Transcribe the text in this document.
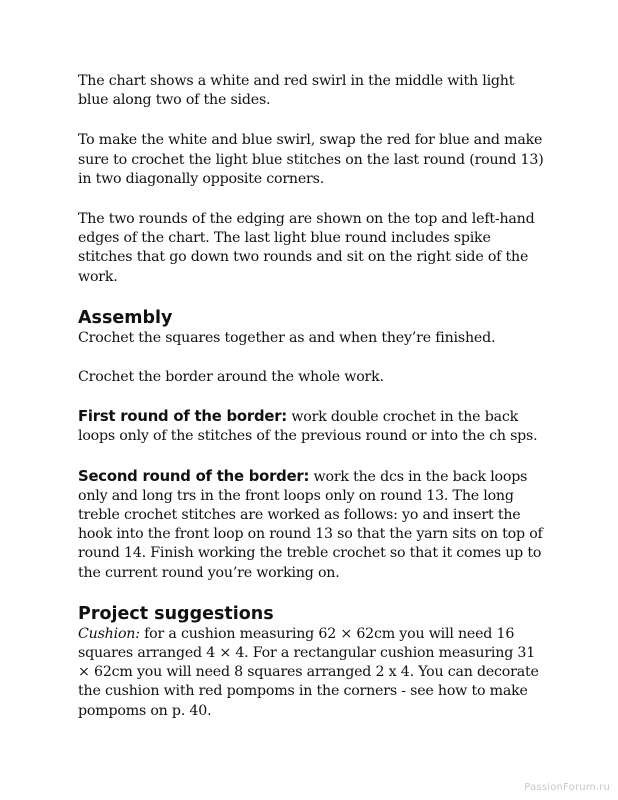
The chart shows a white and red swirl in the middle with light blue along two of the sides.

To make the white and blue swirl, swap the red for blue and make sure to crochet the light blue stitches on the last round (round 13) in two diagonally opposite corners.

The two rounds of the edging are shown on the top and left-hand edges of the chart. The last light blue round includes spike stitches that go down two rounds and sit on the right side of the work.

Assembly

Crochet the squares together as and when they’re finished.

Crochet the border around the whole work.

First round of the border: work double crochet in the back loops only of the stitches of the previous round or into the ch sps.

Second round of the border: work the dcs in the back loops only and long trs in the front loops only on round 13. The long treble crochet stitches are worked as follows: yo and insert the hook into the front loop on round 13 so that the yarn sits on top of round 14. Finish working the treble crochet so that it comes up to the current round you’re working on.

Project suggestions

Cushion: for a cushion measuring 62 × 62cm you will need 16 squares arranged 4 × 4. For a rectangular cushion measuring 31 × 62cm you will need 8 squares arranged 2 x 4. You can decorate the cushion with red pompoms in the corners - see how to make pompoms on p. 40.

PassionForum.ru
